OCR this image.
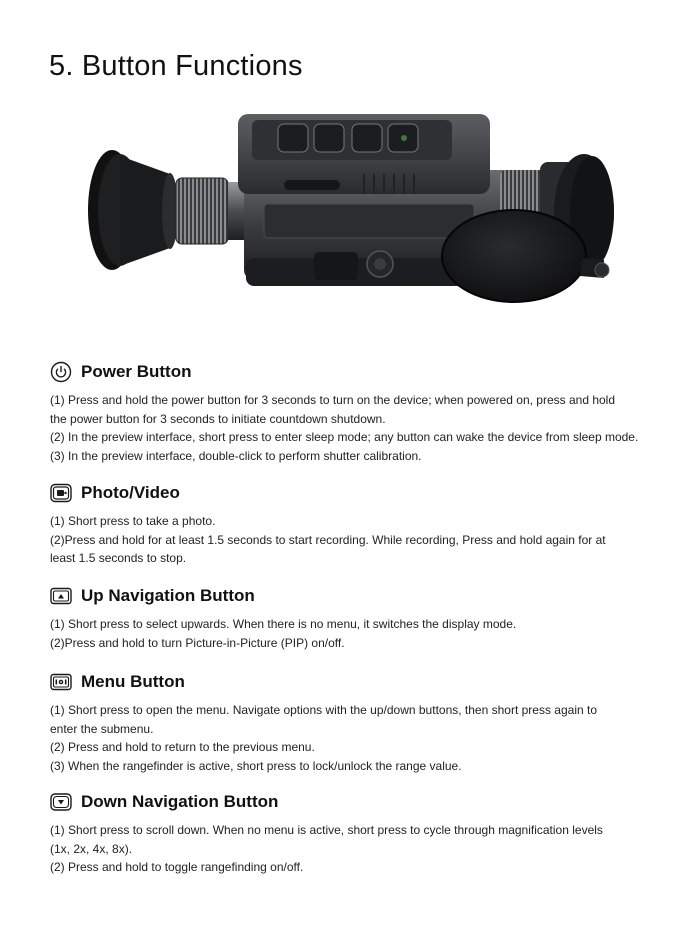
5. Button Functions
Power Button

(1) Press and hold the power button for 3 seconds to turn on the device; when powered on, press and hold

the power button for 3 seconds to initiate countdown shutdown.

(2) In the preview interface, short press to enter sleep mode; any button can wake the device from sleep mode.

(3) In the preview interface, double-click to perform shutter calibration.

Photo/Video

(1) Short press to take a photo.

(2)Press and hold for at least 1.5 seconds to start recording. While recording, Press and hold again for at

least 1.5 seconds to stop.

Up Navigation Button

(1) Short press to select upwards. When there is no menu, it switches the display mode.

(2)Press and hold to turn Picture-in-Picture (PIP) on/off.

Menu Button

(1) Short press to open the menu. Navigate options with the up/down buttons, then short press again to

enter the submenu.

(2) Press and hold to return to the previous menu.

(3) When the rangefinder is active, short press to lock/unlock the range value.

Down Navigation Button

(1) Short press to scroll down. When no menu is active, short press to cycle through magnification levels

(1x, 2x, 4x, 8x).

(2) Press and hold to toggle rangefinding on/off.
